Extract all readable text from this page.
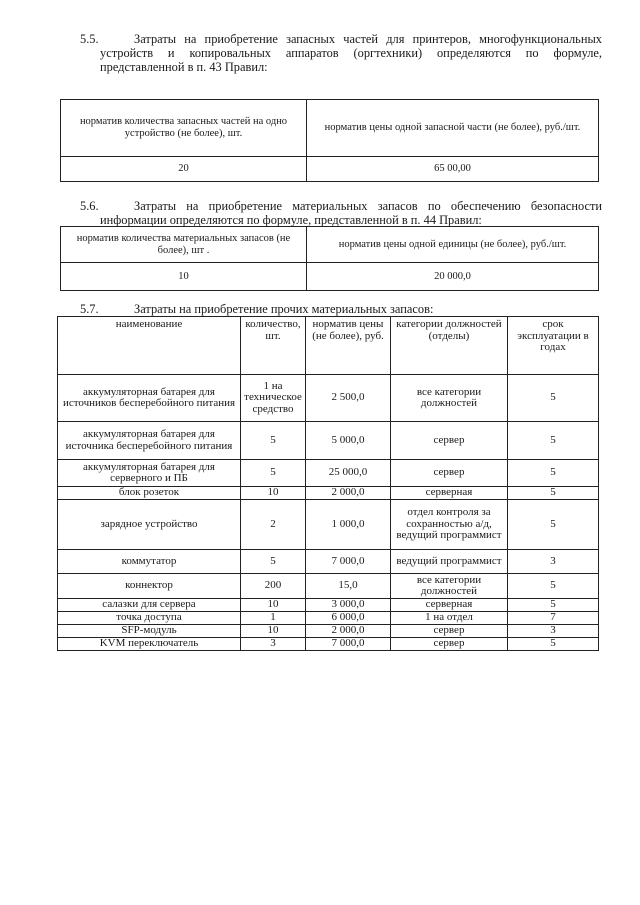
5.5.	Затраты на приобретение запасных частей для принтеров, многофункциональных устройств и копировальных аппаратов (оргтехники) определяются по формуле, представленной в п. 43 Правил:
норматив количества запасных частей на одно устройство (не более), шт.	норматив цены одной запасной части (не более), руб./шт.
20	65 00,00
5.6.	Затраты на приобретение материальных запасов по обеспечению безопасности информации определяются по формуле, представленной в п. 44 Правил:
норматив количества материальных запасов (не более), шт .	норматив цены одной единицы (не более), руб./шт.
10	20 000,0
5.7.	Затраты на приобретение прочих материальных запасов:
наименование	количество, шт.	норматив цены (не более), руб.	категории должностей (отделы)	срок эксплуатации в годах
аккумуляторная батарея для источников бесперебойного питания	1 на техническое средство	2 500,0	все категории должностей	5
аккумуляторная батарея для источника бесперебойного питания	5	5 000,0	сервер	5
аккумуляторная батарея для серверного и ПБ	5	25 000,0	сервер	5
блок розеток	10	2 000,0	серверная	5
зарядное устройство	2	1 000,0	отдел контроля за сохранностью а/д, ведущий программист	5
коммутатор	5	7 000,0	ведущий программист	3
коннектор	200	15,0	все категории должностей	5
салазки для сервера	10	3 000,0	серверная	5
точка доступа	1	6 000,0	1 на отдел	7
SFP-модуль	10	2 000,0	сервер	3
KVM переключатель	3	7 000,0	сервер	5
